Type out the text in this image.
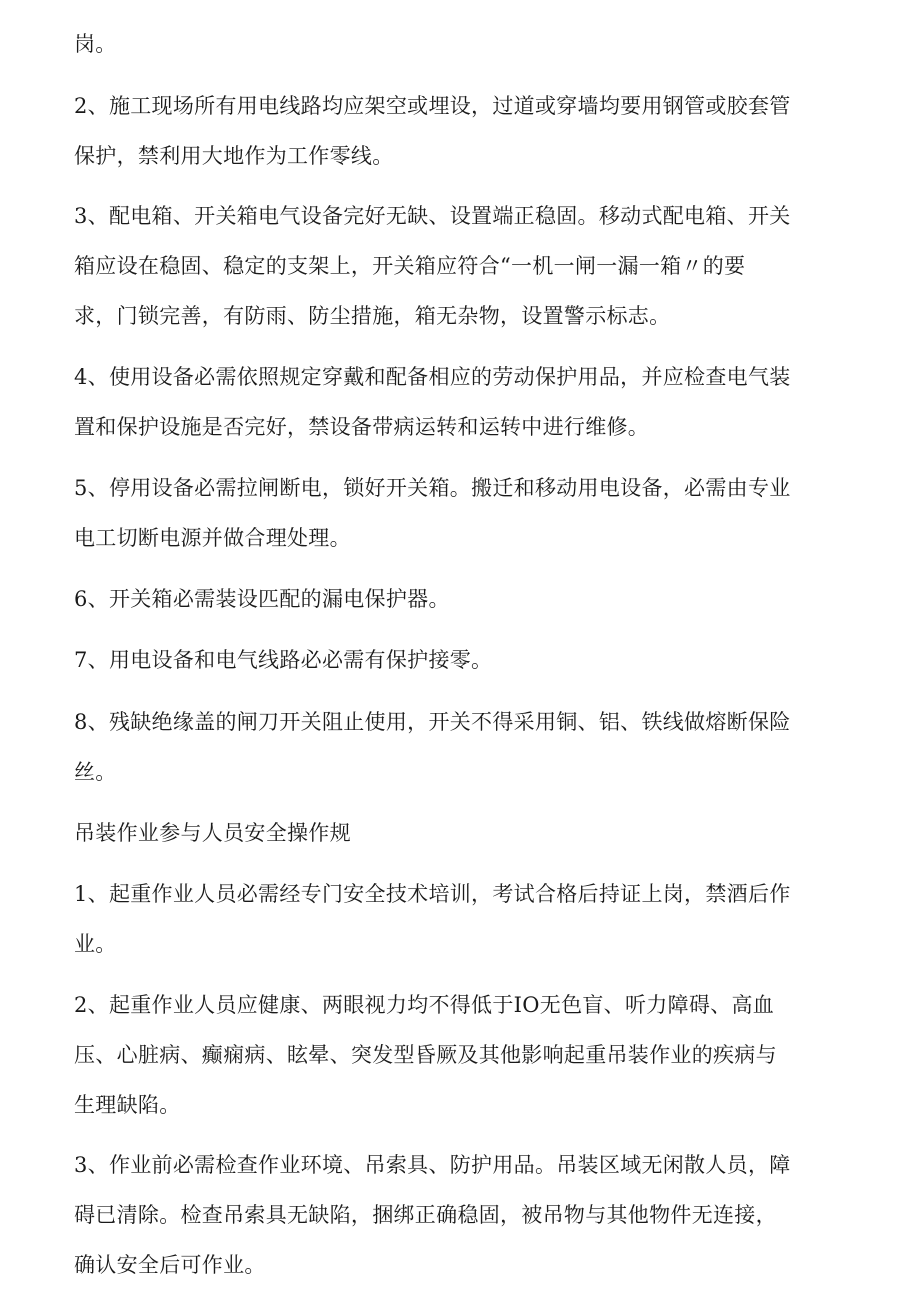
岗。
2、施工现场所有用电线路均应架空或埋设，过道或穿墙均要用钢管或胶套管
保护，禁利用大地作为工作零线。
3、配电箱、开关箱电气设备完好无缺、设置端正稳固。移动式配电箱、开关
箱应设在稳固、稳定的支架上，开关箱应符合“一机一闸一漏一箱〃的要
求，门锁完善，有防雨、防尘措施，箱无杂物，设置警示标志。
4、使用设备必需依照规定穿戴和配备相应的劳动保护用品，并应检查电气装
置和保护设施是否完好，禁设备带病运转和运转中进行维修。
5、停用设备必需拉闸断电，锁好开关箱。搬迁和移动用电设备，必需由专业
电工切断电源并做合理处理。
6、开关箱必需装设匹配的漏电保护器。
7、用电设备和电气线路必必需有保护接零。
8、残缺绝缘盖的闸刀开关阻止使用，开关不得采用铜、铝、铁线做熔断保险
丝。
吊装作业参与人员安全操作规
1、起重作业人员必需经专门安全技术培训，考试合格后持证上岗，禁酒后作
业。
2、起重作业人员应健康、两眼视力均不得低于IO无色盲、听力障碍、高血
压、心脏病、癫痫病、眩晕、突发型昏厥及其他影响起重吊装作业的疾病与
生理缺陷。
3、作业前必需检查作业环境、吊索具、防护用品。吊装区域无闲散人员，障
碍已清除。检查吊索具无缺陷，捆绑正确稳固，被吊物与其他物件无连接，
确认安全后可作业。
